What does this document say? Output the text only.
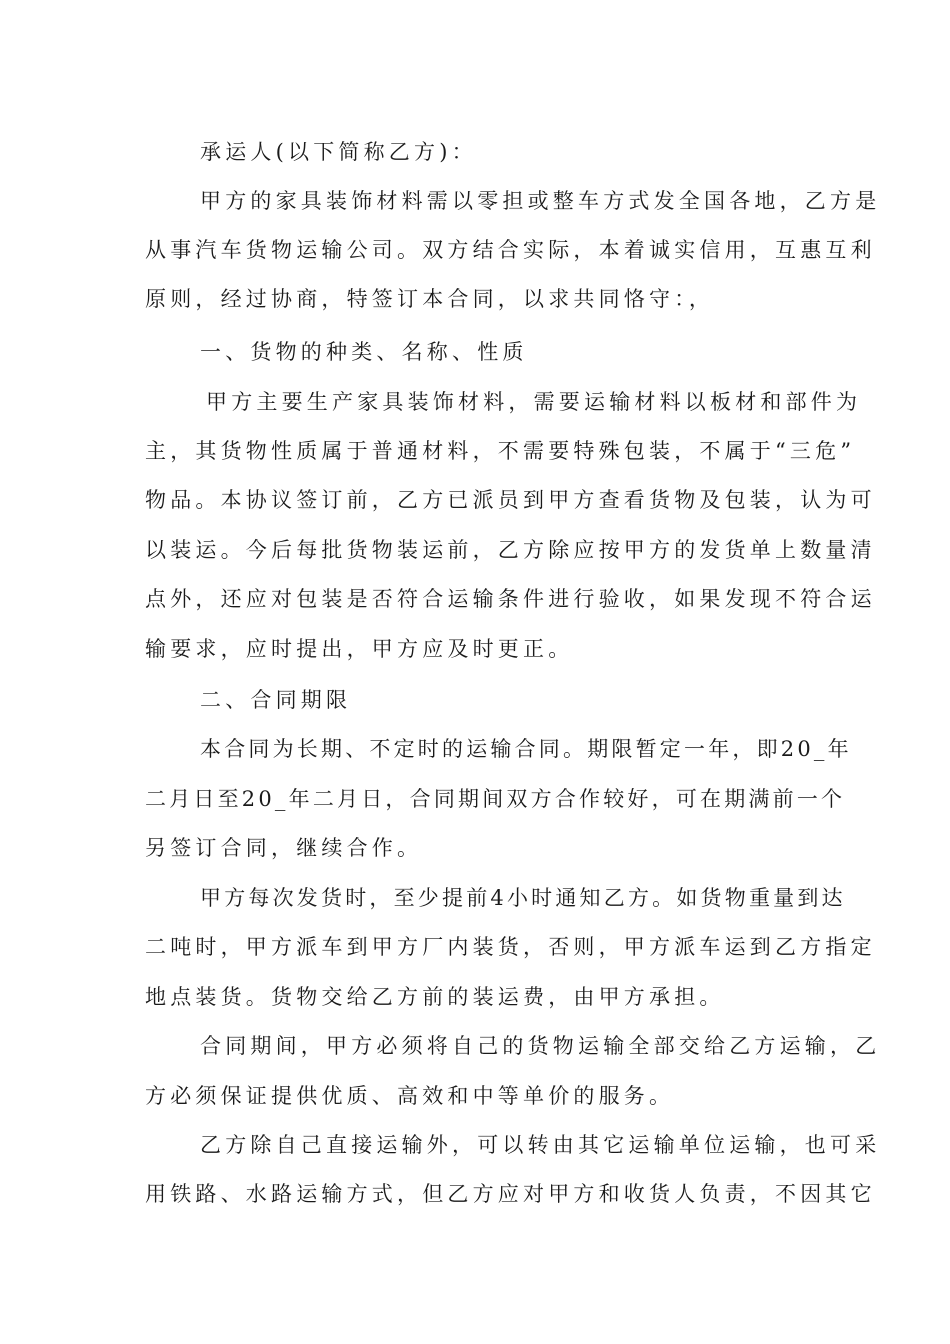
承运人(以下简称乙方)：
甲方的家具装饰材料需以零担或整车方式发全国各地，乙方是
从事汽车货物运输公司。双方结合实际，本着诚实信用，互惠互利
原则，经过协商，特签订本合同，以求共同恪守：，
一、货物的种类、名称、性质
甲方主要生产家具装饰材料，需要运输材料以板材和部件为
主，其货物性质属于普通材料，不需要特殊包装，不属于“三危”
物品。本协议签订前，乙方已派员到甲方查看货物及包装，认为可
以装运。今后每批货物装运前，乙方除应按甲方的发货单上数量清
点外，还应对包装是否符合运输条件进行验收，如果发现不符合运
输要求，应时提出，甲方应及时更正。
二、合同期限
本合同为长期、不定时的运输合同。期限暂定一年，即20_年
二月日至20_年二月日，合同期间双方合作较好，可在期满前一个
另签订合同，继续合作。
甲方每次发货时，至少提前4小时通知乙方。如货物重量到达
二吨时，甲方派车到甲方厂内装货，否则，甲方派车运到乙方指定
地点装货。货物交给乙方前的装运费，由甲方承担。
合同期间，甲方必须将自己的货物运输全部交给乙方运输，乙
方必须保证提供优质、高效和中等单价的服务。
乙方除自己直接运输外，可以转由其它运输单位运输，也可采
用铁路、水路运输方式，但乙方应对甲方和收货人负责，不因其它
